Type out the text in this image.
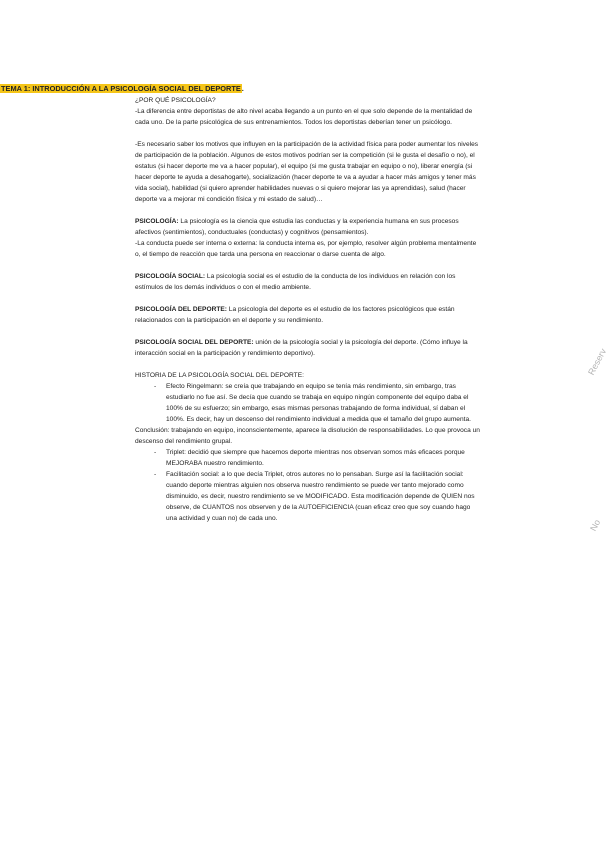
TEMA 1: INTRODUCCIÓN A LA PSICOLOGÍA SOCIAL DEL DEPORTE.

¿POR QUÉ PSICOLOGÍA?

-La diferencia entre deportistas de alto nivel acaba llegando a un punto en el que solo depende de la mentalidad de cada uno. De la parte psicológica de sus entrenamientos. Todos los deportistas deberían tener un psicólogo.

-Es necesario saber los motivos que influyen en la participación de la actividad física para poder aumentar los niveles de participación de la población. Algunos de estos motivos podrían ser la competición (si le gusta el desafío o no), el estatus (si hacer deporte me va a hacer popular), el equipo (si me gusta trabajar en equipo o no), liberar energía (si hacer deporte te ayuda a desahogarte), socialización (hacer deporte te va a ayudar a hacer más amigos y tener más vida social), habilidad (si quiero aprender habilidades nuevas o si quiero mejorar las ya aprendidas), salud (hacer deporte va a mejorar mi condición física y mi estado de salud)…

PSICOLOGÍA: La psicología es la ciencia que estudia las conductas y la experiencia humana en sus procesos afectivos (sentimientos), conductuales (conductas) y cognitivos (pensamientos).

-La conducta puede ser interna o externa: la conducta interna es, por ejemplo, resolver algún problema mentalmente o, el tiempo de reacción que tarda una persona en reaccionar o darse cuenta de algo.

PSICOLOGÍA SOCIAL: La psicología social es el estudio de la conducta de los individuos en relación con los estímulos de los demás individuos o con el medio ambiente.

PSICOLOGÍA DEL DEPORTE: La psicología del deporte es el estudio de los factores psicológicos que están relacionados con la participación en el deporte y su rendimiento.

PSICOLOGÍA SOCIAL DEL DEPORTE: unión de la psicología social y la psicología del deporte. (Cómo influye la interacción social en la participación y rendimiento deportivo).

HISTORIA DE LA PSICOLOGÍA SOCIAL DEL DEPORTE:

- Efecto Ringelmann: se creía que trabajando en equipo se tenía más rendimiento, sin embargo, tras estudiarlo no fue así. Se decía que cuando se trabaja en equipo ningún componente del equipo daba el 100% de su esfuerzo; sin embargo, esas mismas personas trabajando de forma individual, sí daban el 100%. Es decir, hay un descenso del rendimiento individual a medida que el tamaño del grupo aumenta.

Conclusión: trabajando en equipo, inconscientemente, aparece la disolución de responsabilidades. Lo que provoca un descenso del rendimiento grupal.

- Triplet: decidió que siempre que hacemos deporte mientras nos observan somos más eficaces porque MEJORABA nuestro rendimiento.
- Facilitación social: a lo que decía Triplet, otros autores no lo pensaban. Surge así la facilitación social: cuando deporte mientras alguien nos observa nuestro rendimiento se puede ver tanto mejorado como disminuido, es decir, nuestro rendimiento se ve MODIFICADO. Esta modificación depende de QUIEN nos observe, de CUANTOS nos observen y de la AUTOEFICIENCIA (cuan eficaz creo que soy cuando hago una actividad y cuan no) de cada uno.
Reserv
No
